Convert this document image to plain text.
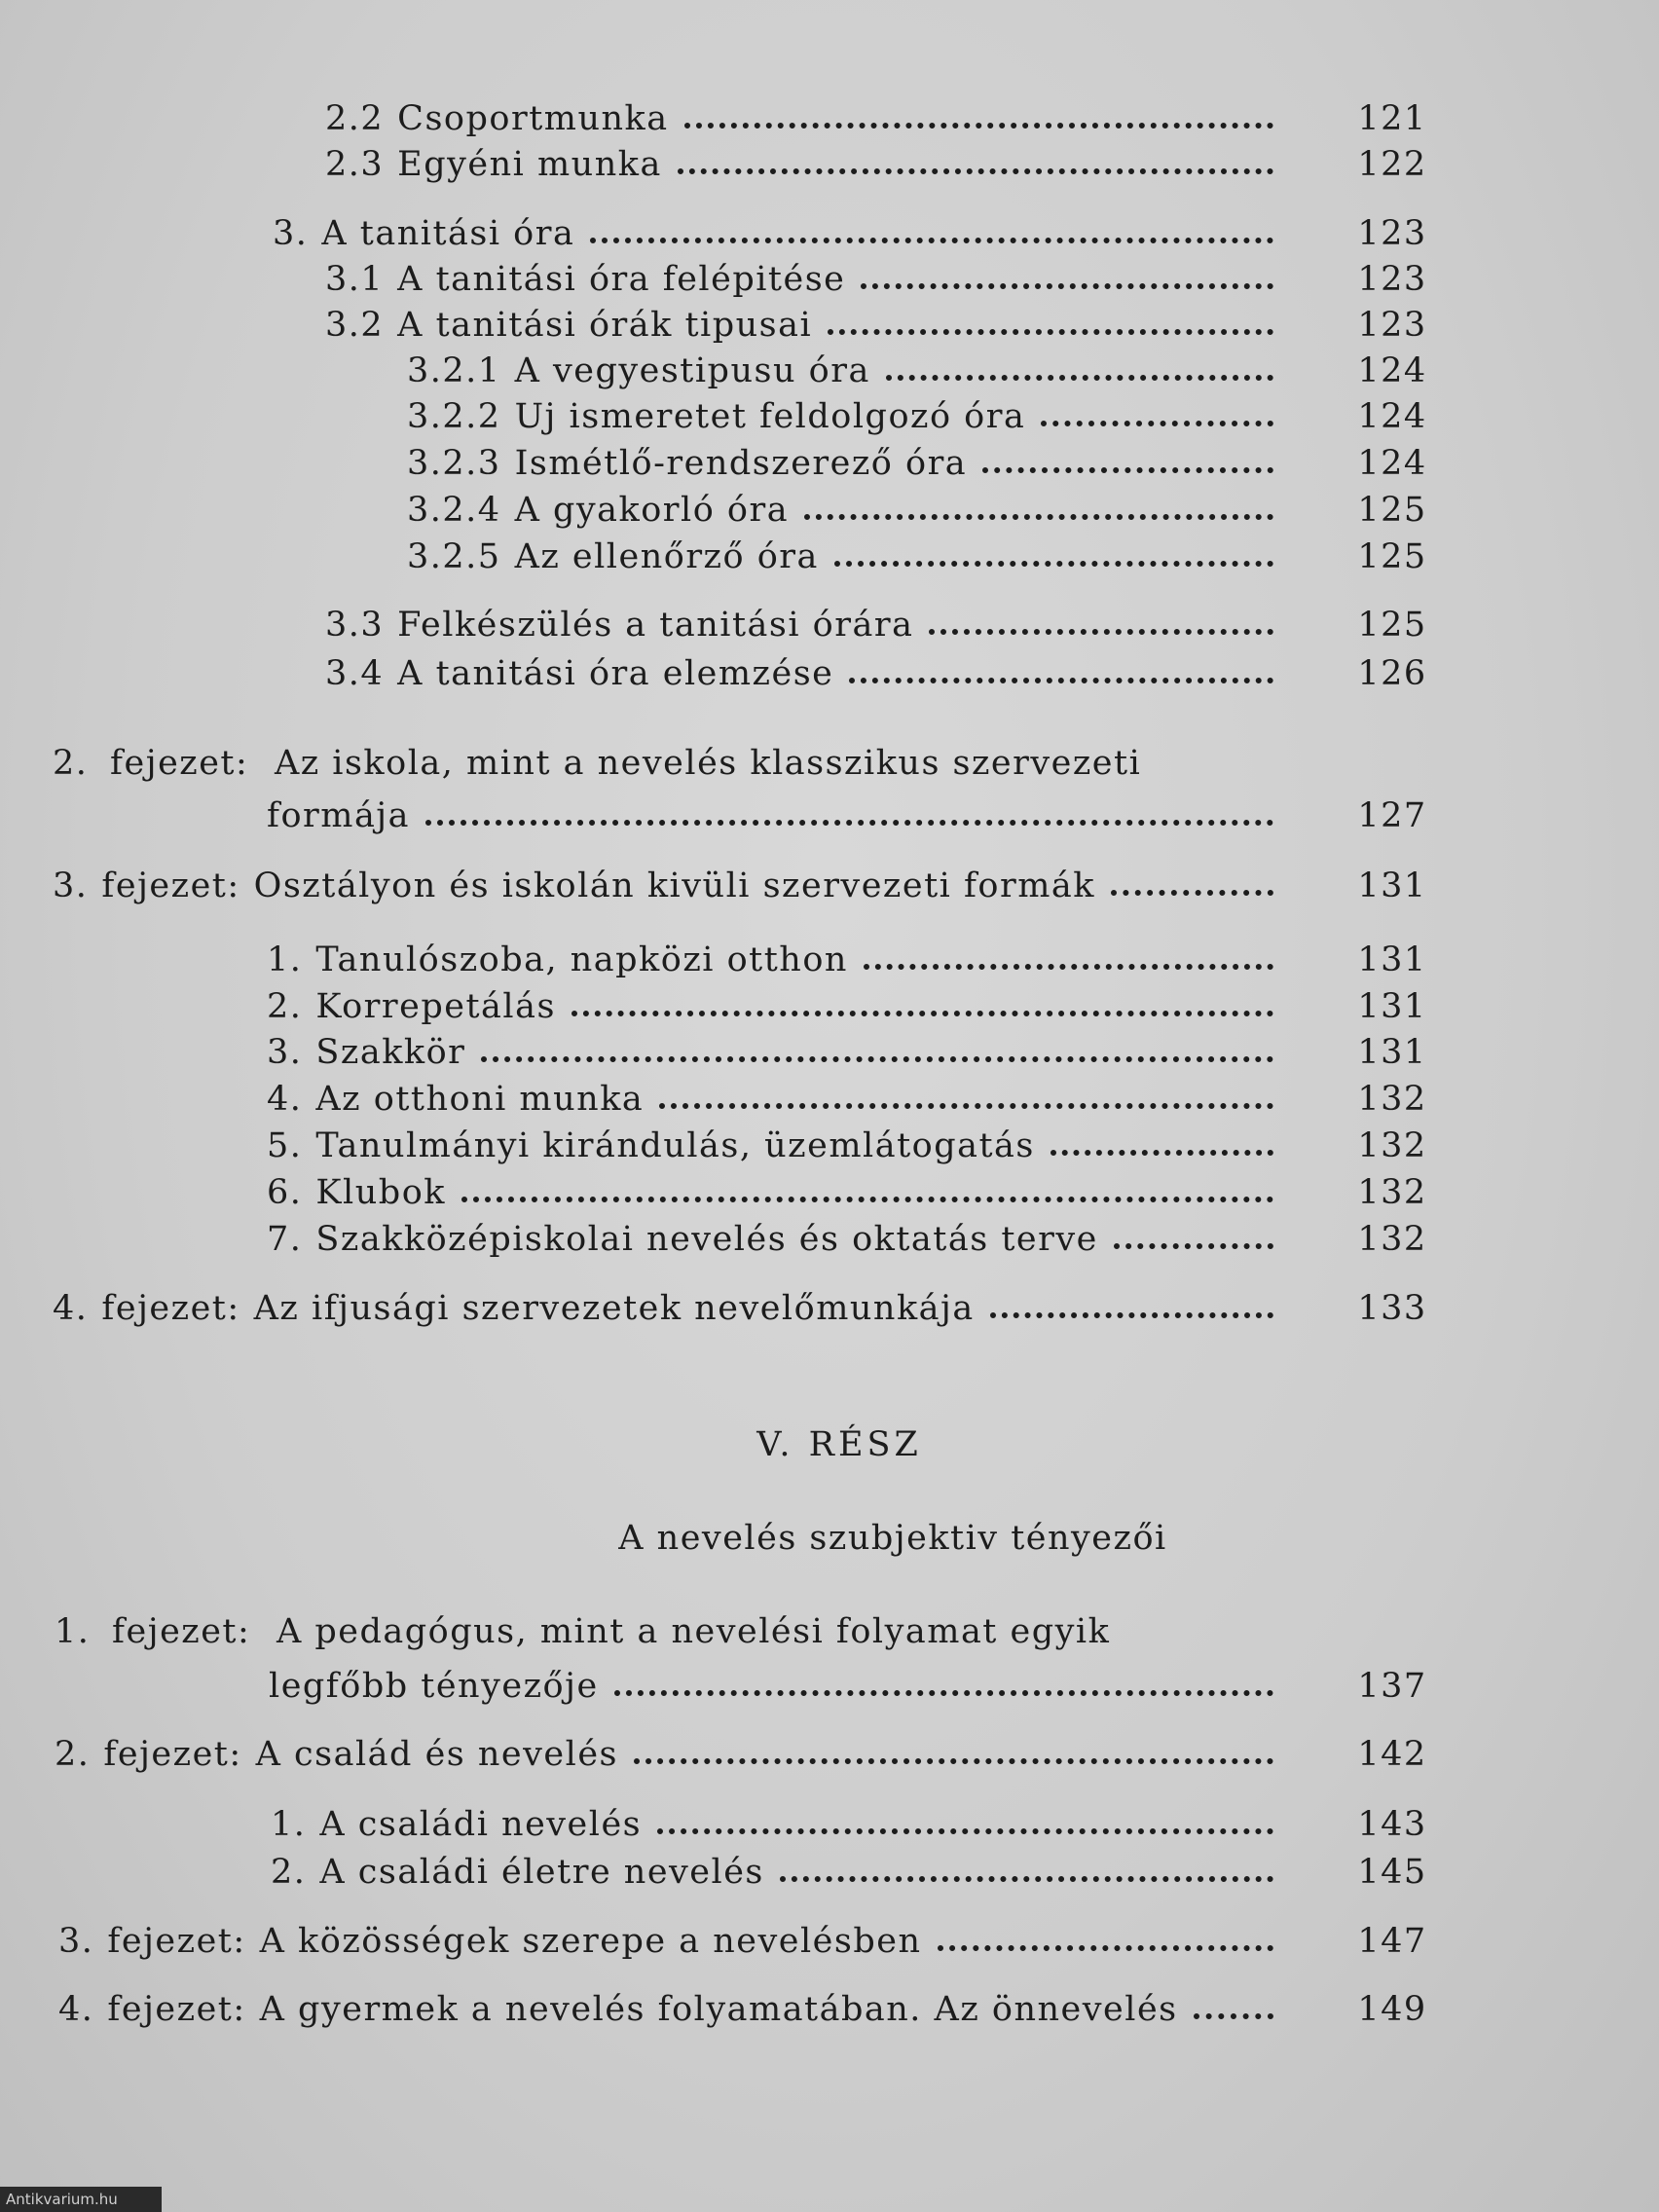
2.2 Csoportmunka	121
2.3 Egyéni munka	122
3. A tanitási óra	123
3.1 A tanitási óra felépitése	123
3.2 A tanitási órák tipusai	123
3.2.1 A vegyestipusu óra	124
3.2.2 Uj ismeretet feldolgozó óra	124
3.2.3 Ismétlő-rendszerező óra	124
3.2.4 A gyakorló óra	125
3.2.5 Az ellenőrző óra	125
3.3 Felkészülés a tanitási órára	125
3.4 A tanitási óra elemzése	126
2. fejezet: Az iskola, mint a nevelés klasszikus szervezeti
formája	127
3. fejezet: Osztályon és iskolán kivüli szervezeti formák	131
1. Tanulószoba, napközi otthon	131
2. Korrepetálás	131
3. Szakkör	131
4. Az otthoni munka	132
5. Tanulmányi kirándulás, üzemlátogatás	132
6. Klubok	132
7. Szakközépiskolai nevelés és oktatás terve	132
4. fejezet: Az ifjusági szervezetek nevelőmunkája	133
V. RÉSZ
A nevelés szubjektiv tényezői
1. fejezet: A pedagógus, mint a nevelési folyamat egyik
legfőbb tényezője	137
2. fejezet: A család és nevelés	142
1. A családi nevelés	143
2. A családi életre nevelés	145
3. fejezet: A közösségek szerepe a nevelésben	147
4. fejezet: A gyermek a nevelés folyamatában. Az önnevelés	149
Antikvarium.hu
